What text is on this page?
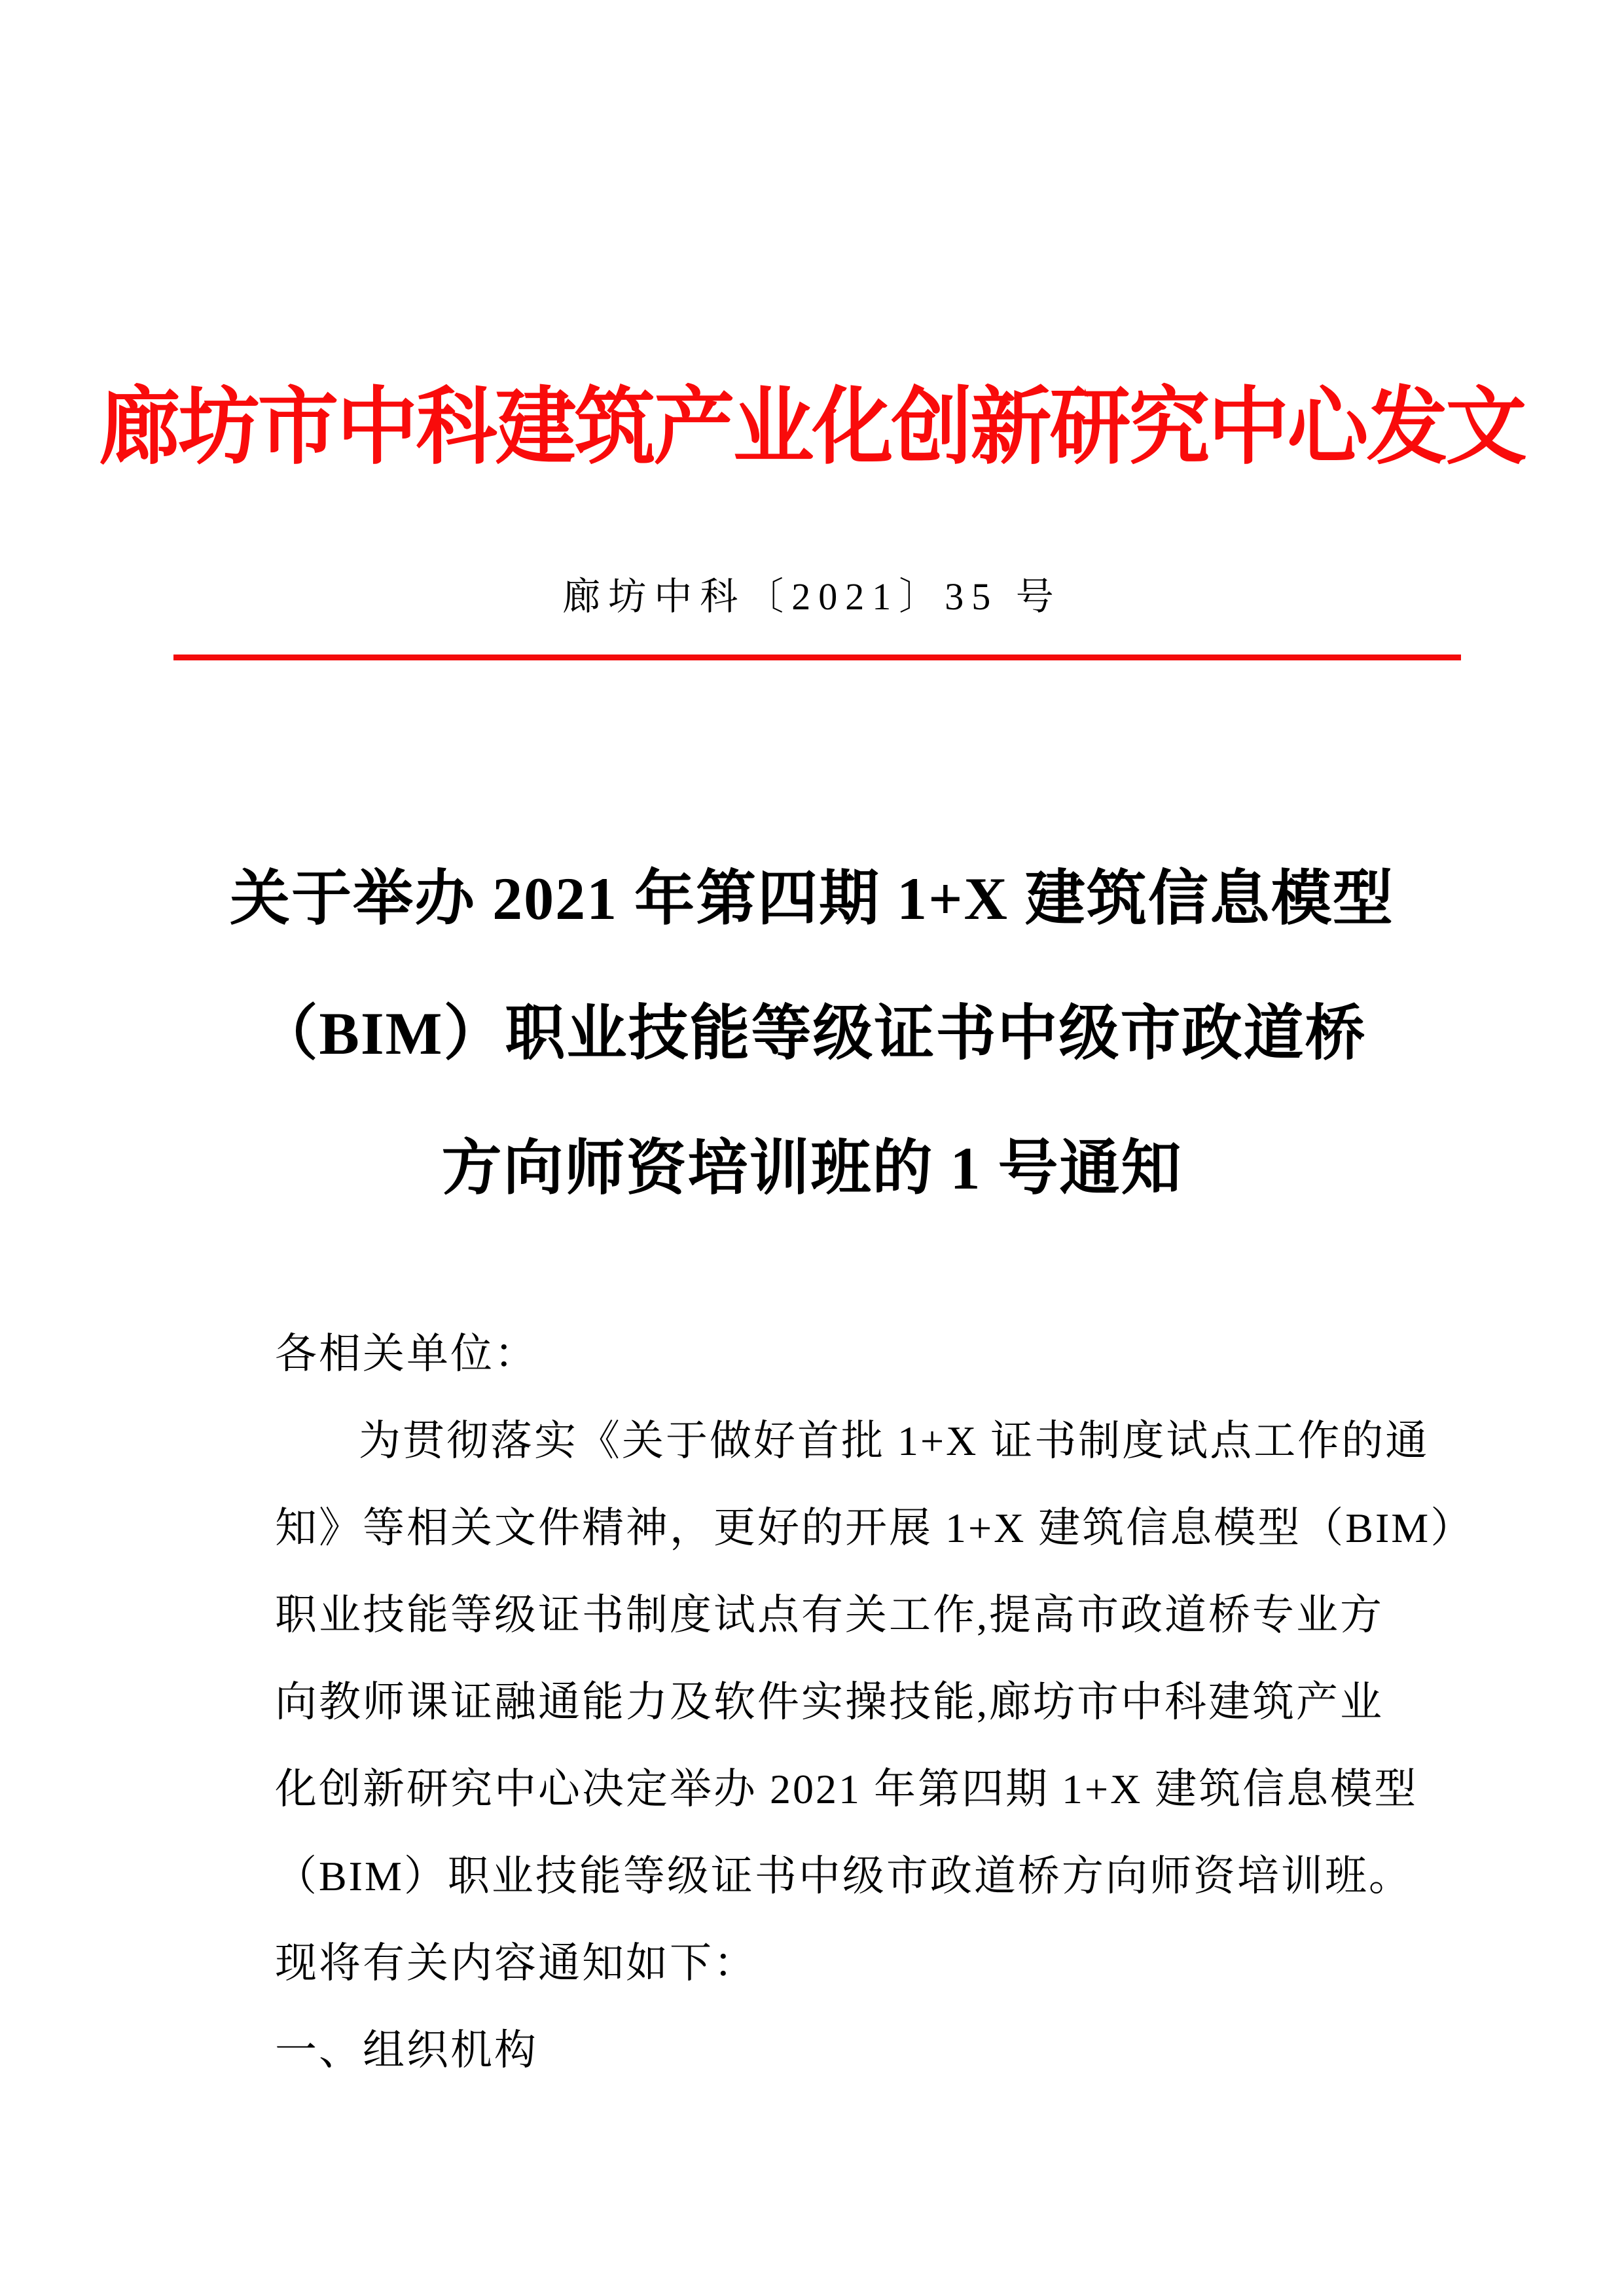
廊坊市中科建筑产业化创新研究中心发文
廊坊中科〔2021〕35 号
关于举办 2021 年第四期 1+X 建筑信息模型
（BIM）职业技能等级证书中级市政道桥
方向师资培训班的 1 号通知
各相关单位：
为贯彻落实《关于做好首批 1+X 证书制度试点工作的通
知》等相关文件精神，更好的开展 1+X 建筑信息模型（BIM）
职业技能等级证书制度试点有关工作,提高市政道桥专业方
向教师课证融通能力及软件实操技能,廊坊市中科建筑产业
化创新研究中心决定举办 2021 年第四期 1+X 建筑信息模型
（BIM）职业技能等级证书中级市政道桥方向师资培训班。
现将有关内容通知如下：
一、组织机构
